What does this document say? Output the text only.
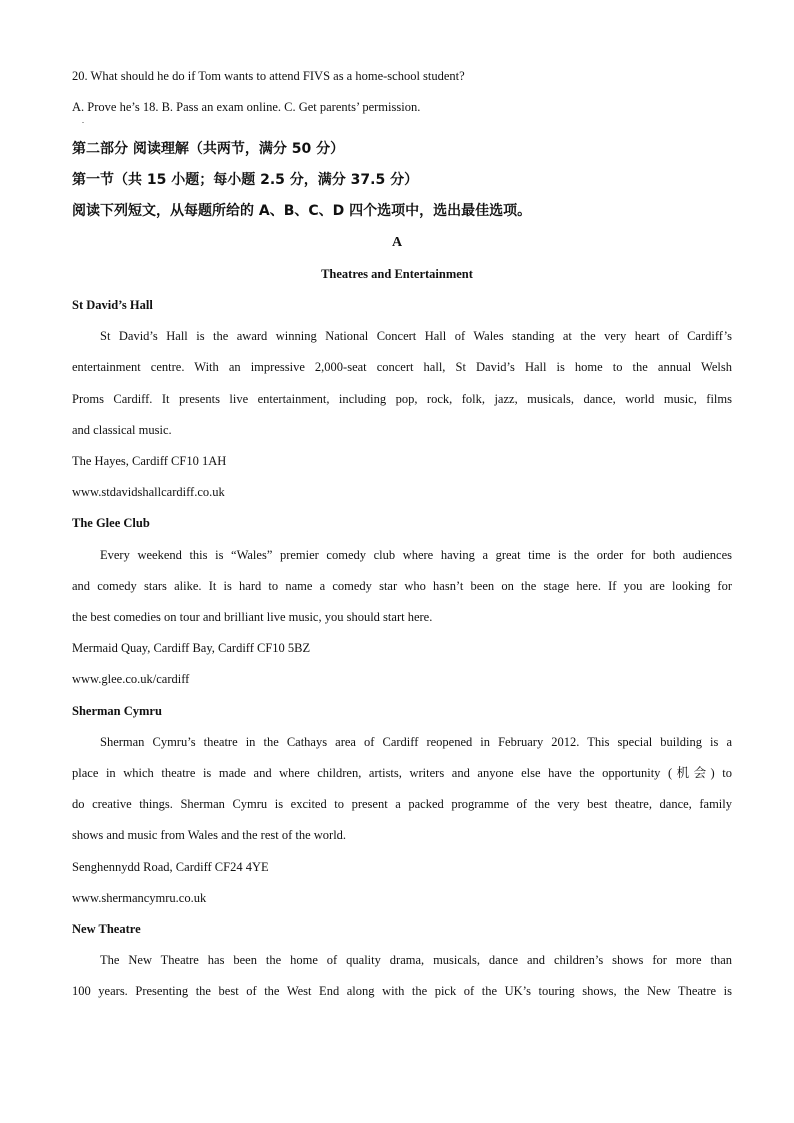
20. What should he do if Tom wants to attend FIVS as a home-school student?
A. Prove he’s 18. B. Pass an exam online. C. Get parents’ permission.
.
第二部分 阅读理解（共两节，满分 50 分）
第一节（共 15 小题；每小题 2.5 分，满分 37.5 分）
阅读下列短文，从每题所给的 A、B、C、D 四个选项中，选出最佳选项。
A
Theatres and Entertainment
St David’s Hall
St David’s Hall is the award winning National Concert Hall of Wales standing at the very heart of Cardiff’s
entertainment centre. With an impressive 2,000-seat concert hall, St David’s Hall is home to the annual Welsh
Proms Cardiff. It presents live entertainment, including pop, rock, folk, jazz, musicals, dance, world music, films
and classical music.
The Hayes, Cardiff CF10 1AH
www.stdavidshallcardiff.co.uk
The Glee Club
Every weekend this is “Wales” premier comedy club where having a great time is the order for both audiences
and comedy stars alike. It is hard to name a comedy star who hasn’t been on the stage here. If you are looking for
the best comedies on tour and brilliant live music, you should start here.
Mermaid Quay, Cardiff Bay, Cardiff CF10 5BZ
www.glee.co.uk/cardiff
Sherman Cymru
Sherman Cymru’s theatre in the Cathays area of Cardiff reopened in February 2012. This special building is a
place in which theatre is made and where children, artists, writers and anyone else have the opportunity (机会) to
do creative things. Sherman Cymru is excited to present a packed programme of the very best theatre, dance, family
shows and music from Wales and the rest of the world.
Senghennydd Road, Cardiff CF24 4YE
www.shermancymru.co.uk
New Theatre
The New Theatre has been the home of quality drama, musicals, dance and children’s shows for more than
100 years. Presenting the best of the West End along with the pick of the UK’s touring shows, the New Theatre is
